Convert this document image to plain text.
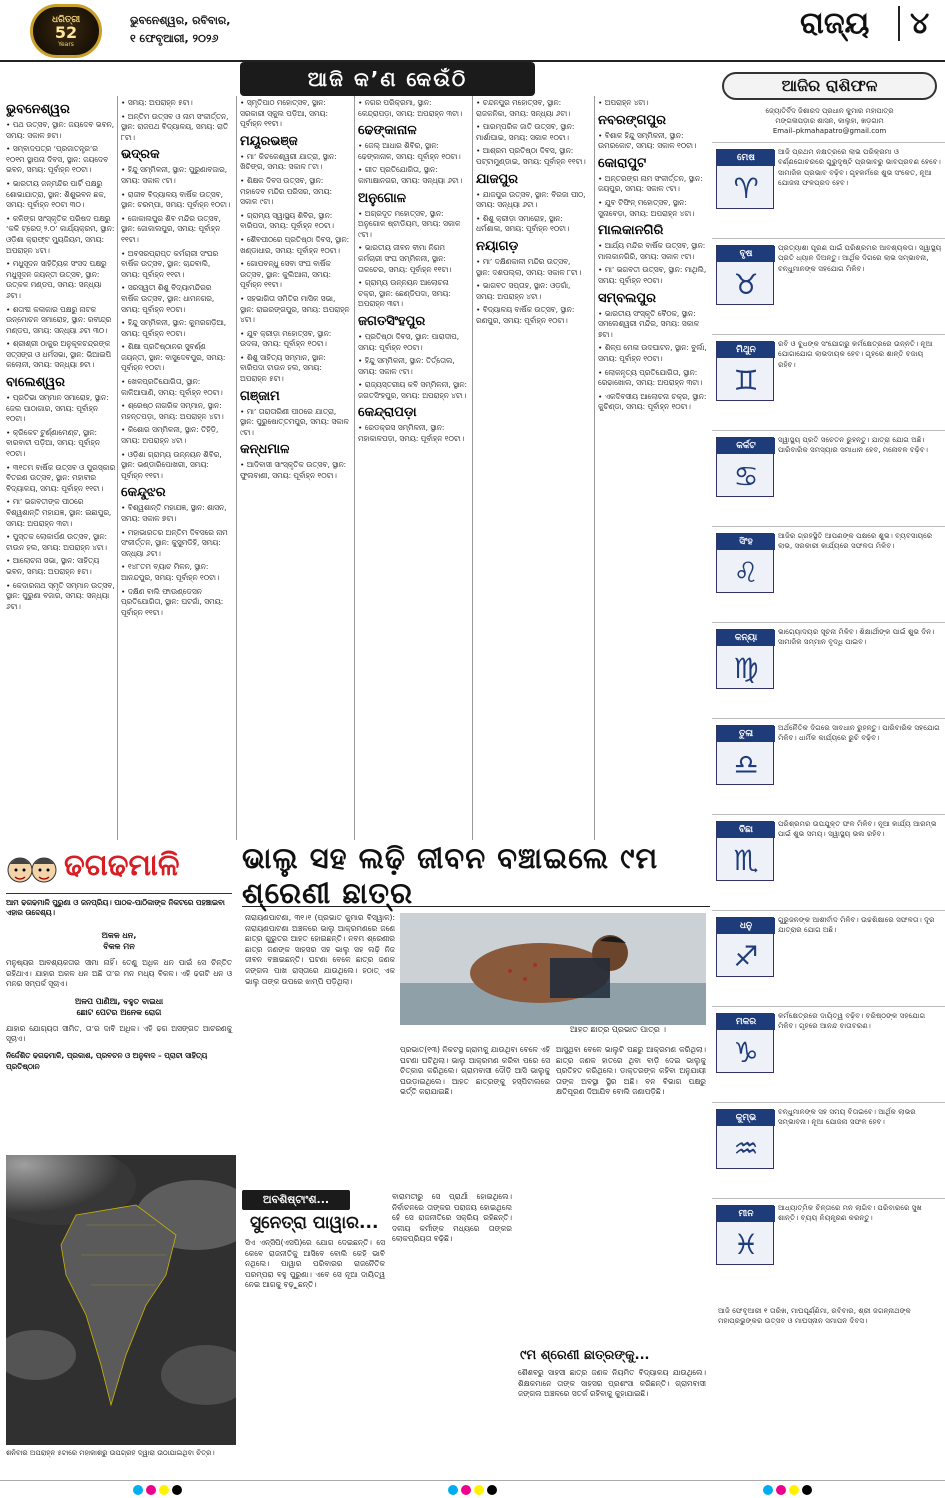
ଧରିତ୍ରୀ
52
Years
ଭୁବନେଶ୍ୱର, ରବିବାର,
୧ ଫେବୃଆରୀ, ୨୦୨୬	ରାଜ୍ୟ	୪
ଆଜି କ’ଣ କେଉଁଠି

ଭୁବନେଶ୍ୱର

• ପଥ ଉତ୍ସବ, ସ୍ଥାନ: ଜୟଦେବ ଭବନ, ସମୟ: ସକାଳ ୭ଟା।

• ସମ୍ବାଦପତ୍ର ‘ପ୍ରଜାତନ୍ତ୍ର’ର ୧୦୧ମ ସ୍ଥାପନା ଦିବସ, ସ୍ଥାନ: ଜୟଦେବ ଭବନ, ସମୟ: ପୂର୍ବାହ୍ନ ୧୦ଟା।

• ଭାରତୀୟ ଜନ୍ମନ୍ଦିର ପାର୍ଟି ପକ୍ଷରୁ ଶୋଭାଯାତ୍ରା, ସ୍ଥାନ: ଶିଶୁଭବନ ଛକ, ସମୟ: ପୂର୍ବାହ୍ନ ୧୦ଟା ୩୦।

• କଳିଙ୍ଗ ସାଂସ୍କୃତିକ ପରିଷଦ ପକ୍ଷରୁ ‘କଳି ଟ୍ରେଡ୍ ୨.୦’ କାର୍ଯ୍ୟକ୍ରମ, ସ୍ଥାନ: ଓଡ଼ିଶା କ୍ରାଫ୍ଟ ମ୍ୟୁଜିୟମ, ସମୟ: ଅପରାହ୍ନ ୪ଟା।

• ମଧୁସୂଦନ ସାହିତ୍ୟିକ ସଂସଦ ପକ୍ଷରୁ ମଧୁସୂଦନ ଜୟନ୍ତୀ ଉତ୍ସବ, ସ୍ଥାନ: ଉତ୍କଳ ମଣ୍ଡପ, ସମୟ: ସନ୍ଧ୍ୟା ୬ଟା।

• ଶତାବ୍ଦୀ କଳାକାର ପକ୍ଷରୁ ନାଟକ ଉନ୍ମୋଚନ ସମାରୋହ, ସ୍ଥାନ: ରବୀନ୍ଦ୍ର ମଣ୍ଡପ, ସମୟ: ସନ୍ଧ୍ୟା ୬ଟା ୩୦।

• ଶ୍ରୀଶ୍ରୀ ଠାକୁର ଅନୁକୂଳଚନ୍ଦ୍ରଙ୍କ ସତ୍ସଙ୍ଗ ଓ ଧର୍ମସଭା, ସ୍ଥାନ: ଭିଆଇପି କଲୋନୀ, ସମୟ: ସନ୍ଧ୍ୟା ୭ଟା।

ବାଲେଶ୍ୱର

• ପ୍ରତିଭା ସମ୍ମାନ ସମାରୋହ, ସ୍ଥାନ: ଜେଲ ପାଠାଗାର, ସମୟ: ପୂର୍ବାହ୍ନ ୧୦ଟା।

• କ୍ରିକେଟ ଟୁର୍ଣ୍ଣାମେଣ୍ଟ, ସ୍ଥାନ: ବାରବାଟୀ ପଡ଼ିଆ, ସମୟ: ପୂର୍ବାହ୍ନ ୧୦ଟା।

• ୩୧ତମ ବାର୍ଷିକ ଉତ୍ସବ ଓ ପୁରସ୍କାର ବିତରଣ ଉତ୍ସବ, ସ୍ଥାନ: ମହାବୀର ବିଦ୍ୟାଳୟ, ସମୟ: ପୂର୍ବାହ୍ନ ୧୧ଟା।

• ମା’ ଭଗବତୀଙ୍କ ପୀଠରେ ବିଶ୍ୱଶାନ୍ତି ମହାଯଜ୍ଞ, ସ୍ଥାନ: ଇଛାପୁର, ସମୟ: ଅପରାହ୍ନ ୩ଟା।

• ପୁସ୍ତକ ଲୋକାର୍ପଣ ଉତ୍ସବ, ସ୍ଥାନ: ଟାଉନ ହଲ, ସମୟ: ଅପରାହ୍ନ ୪ଟା।

• ଆଲୋଚନା ସଭା, ସ୍ଥାନ: ସାହିତ୍ୟ ଭବନ, ସମୟ: ଅପରାହ୍ନ ୫ଟା।

• କେଦାରନାଥ ସ୍ମୃତି ସମ୍ମାନ ଉତ୍ସବ, ସ୍ଥାନ: ପୁରୁଣା ବଜାର, ସମୟ: ସନ୍ଧ୍ୟା ୬ଟା।

• ସମୟ: ଅପରାହ୍ନ ୫ଟା।

• ଅନ୍ତିମ ଉତ୍ସବ ଓ ନାମ ସଂକୀର୍ତ୍ତନ, ସ୍ଥାନ: ରାଜପଥ ବିଦ୍ୟାଳୟ, ସମୟ: ରାତି ୮ଟା।

ଭଦ୍ରକ

• ହିନ୍ଦୁ ସମ୍ମିଳନୀ, ସ୍ଥାନ: ପୁରୁଣାବଜାର, ସମୟ: ସକାଳ ୯ଟା।

• ରାଜୀବ ବିଦ୍ୟାଳୟ ବାର୍ଷିକ ଉତ୍ସବ, ସ୍ଥାନ: ଚରମ୍ପା, ସମୟ: ପୂର୍ବାହ୍ନ ୧୦ଟା।

• ଜୋକାଲପୁର ଶିବ ମନ୍ଦିର ଉତ୍ସବ, ସ୍ଥାନ: ଜୋକାଲପୁର, ସମୟ: ପୂର୍ବାହ୍ନ ୧୧ଟା।

• ଅବସରପ୍ରାପ୍ତ କର୍ମଚାରୀ ସଂଘର ବାର୍ଷିକ ଉତ୍ସବ, ସ୍ଥାନ: ଚାନ୍ଦବାଲି, ସମୟ: ପୂର୍ବାହ୍ନ ୧୧ଟା।

• ସରସ୍ୱତୀ ଶିଶୁ ବିଦ୍ୟାମନ୍ଦିରର ବାର୍ଷିକ ଉତ୍ସବ, ସ୍ଥାନ: ଧାମନଗର, ସମୟ: ପୂର୍ବାହ୍ନ ୧୦ଟା।

• ହିନ୍ଦୁ ସମ୍ମିଳନୀ, ସ୍ଥାନ: କୁମରଗଡ଼ିଆ, ସମୟ: ପୂର୍ବାହ୍ନ ୧୦ଟା।

• ଶିକ୍ଷା ପ୍ରତିଷ୍ଠାନର ସୁବର୍ଣ୍ଣ ଜୟନ୍ତୀ, ସ୍ଥାନ: ବାସୁଦେବପୁର, ସମୟ: ପୂର୍ବାହ୍ନ ୧୦ଟା।

• ଖେଳପ୍ରତିଯୋଗିତା, ସ୍ଥାନ: କାଳିଆପାଣି, ସମୟ: ପୂର୍ବାହ୍ନ ୧୦ଟା।

• ଶ୍ରେଷ୍ଠ ନାଗରିକ ସମ୍ମାନ, ସ୍ଥାନ: ମହନ୍ତପଡ଼ା, ସମୟ: ଅପରାହ୍ନ ୪ଟା।

• କିଶୋର ସମ୍ମିଳନୀ, ସ୍ଥାନ: ତିହିଡ଼ି, ସମୟ: ଅପରାହ୍ନ ୪ଟା।

• ଓଡ଼ିଶା ଗ୍ରାମ୍ୟ ଉନ୍ନୟନ ଶିବିର, ସ୍ଥାନ: ଭଣ୍ଡାରିପୋଖରୀ, ସମୟ: ପୂର୍ବାହ୍ନ ୧୧ଟା।

କେନ୍ଦୁଝର

• ବିଶ୍ୱଶାନ୍ତି ମହାଯଜ୍ଞ, ସ୍ଥାନ: ଶାସନ, ସମୟ: ସକାଳ ୭ଟା।

• ମହାଭାରତର ଅନ୍ତିମ ଦିବସରେ ନାମ ସଂକୀର୍ତ୍ତନ, ସ୍ଥାନ: କୁସୁମଡିହି, ସମୟ: ସନ୍ଧ୍ୟା ୬ଟା।

• ୧୪୮ତମ ବ୍ୟାଚ ମିଳନ, ସ୍ଥାନ: ଆନନ୍ଦପୁର, ସମୟ: ପୂର୍ବାହ୍ନ ୧୦ଟା।

• ଦକ୍ଷିଣ ବାଲି ଫାଉଣ୍ଡେସନ ପ୍ରତିଯୋଗିତା, ସ୍ଥାନ: ଘଟଗାଁ, ସମୟ: ପୂର୍ବାହ୍ନ ୧୧ଟା।

• ସ୍ମୃତିପାଠ ମହୋତ୍ସବ, ସ୍ଥାନ: ସରକାରୀ ସ୍କୁଲ ପଡ଼ିଆ, ସମୟ: ପୂର୍ବାହ୍ନ ୧୧ଟା।

ମୟୂରଭଞ୍ଜ

• ମା’ କିଚକେଶ୍ୱରୀ ଯାତ୍ରା, ସ୍ଥାନ: ଖିଚିଙ୍ଗ, ସମୟ: ସକାଳ ୮ଟା।

• ଶିକ୍ଷକ ଦିବସ ଉତ୍ସବ, ସ୍ଥାନ: ମହାଦେବ ମନ୍ଦିର ପରିସର, ସମୟ: ସକାଳ ୯ଟା।

• ଗ୍ରାମ୍ୟ ସ୍ୱାସ୍ଥ୍ୟ ଶିବିର, ସ୍ଥାନ: ବାରିପଦା, ସମୟ: ପୂର୍ବାହ୍ନ ୧୦ଟା।

• ଶୈବପୀଠରେ ପ୍ରତିଷ୍ଠା ଦିବସ, ସ୍ଥାନ: ଖଣ୍ଡାଧାର, ସମୟ: ପୂର୍ବାହ୍ନ ୧୦ଟା।

• ଗୋପବନ୍ଧୁ ସେବା ସଂଘ ବାର୍ଷିକ ଉତ୍ସବ, ସ୍ଥାନ: କୁଲିଆନା, ସମୟ: ପୂର୍ବାହ୍ନ ୧୧ଟା।

• ସହଭାଗିତା ସମିତିର ମାସିକ ସଭା, ସ୍ଥାନ: ରାଇରଙ୍ଗପୁର, ସମୟ: ଅପରାହ୍ନ ୪ଟା।

• ଯୁବ କ୍ରୀଡ଼ା ମହୋତ୍ସବ, ସ୍ଥାନ: ଉଦଳା, ସମୟ: ପୂର୍ବାହ୍ନ ୧୦ଟା।

• ଶିଶୁ ସାହିତ୍ୟ ସମ୍ମାନ, ସ୍ଥାନ: ବାରିପଦା ଟାଉନ ହଲ, ସମୟ: ଅପରାହ୍ନ ୫ଟା।

ଗଞ୍ଜାମ

• ମା’ ତାରାତାରିଣୀ ପୀଠରେ ଯାତ୍ରା, ସ୍ଥାନ: ପୁରୁଷୋତ୍ତମପୁର, ସମୟ: ସକାଳ ୯ଟା।

କନ୍ଧମାଳ

• ଆଦିବାସୀ ସାଂସ୍କୃତିକ ଉତ୍ସବ, ସ୍ଥାନ: ଫୁଲବାଣୀ, ସମୟ: ପୂର୍ବାହ୍ନ ୧୦ଟା।

• ନଗର ପରିକ୍ରମା, ସ୍ଥାନ: କେନ୍ଦ୍ରାପଡ଼ା, ସମୟ: ଅପରାହ୍ନ ୩ଟା।

ଢେଙ୍କାନାଳ

• ଜେଲ୍ ଆଧାର ଶିବିର, ସ୍ଥାନ: ଢେଙ୍କାନାଳ, ସମୟ: ପୂର୍ବାହ୍ନ ୧୦ଟା।

• ଗୀତ ପ୍ରତିଯୋଗିତା, ସ୍ଥାନ: କାମାକ୍ଷାନଗର, ସମୟ: ସନ୍ଧ୍ୟା ୬ଟା।

ଅନୁଗୋଳ

• ଅଗ୍ରଦୂତ ମହୋତ୍ସବ, ସ୍ଥାନ: ଅନୁଗୋଳ ଷ୍ଟାଡିୟମ, ସମୟ: ସକାଳ ୯ଟା।

• ଭାରତୀୟ ଜୀବନ ବୀମା ନିଗମ କର୍ମଚାରୀ ସଂଘ ସମ୍ମିଳନୀ, ସ୍ଥାନ: ତାଳଚେର, ସମୟ: ପୂର୍ବାହ୍ନ ୧୧ଟା।

• ଗ୍ରାମ୍ୟ ଉନ୍ନୟନ ଆଲୋଚନା ଚକ୍ର, ସ୍ଥାନ: ଛେଣ୍ଡିପଦା, ସମୟ: ଅପରାହ୍ନ ୩ଟା।

ଜଗତସିଂହପୁର

• ପ୍ରତିଷ୍ଠା ଦିବସ, ସ୍ଥାନ: ପାରାଦୀପ, ସମୟ: ପୂର୍ବାହ୍ନ ୧୦ଟା।

• ହିନ୍ଦୁ ସମ୍ମିଳନୀ, ସ୍ଥାନ: ତିର୍ତ୍ତୋଲ, ସମୟ: ସକାଳ ୯ଟା।

• ରାଜ୍ୟସ୍ତରୀୟ କବି ସମ୍ମିଳନୀ, ସ୍ଥାନ: ଜଗତସିଂହପୁର, ସମୟ: ଅପରାହ୍ନ ୪ଟା।

କେନ୍ଦ୍ରାପଡ଼ା

• ରେଡକ୍ରସ ସମ୍ମିଳନୀ, ସ୍ଥାନ: ମହାକାଳପଡ଼ା, ସମୟ: ପୂର୍ବାହ୍ନ ୧୦ଟା।

• ଚନ୍ଦନପୁର ମହୋତ୍ସବ, ସ୍ଥାନ: ରାଜକନିକା, ସମୟ: ସନ୍ଧ୍ୟା ୬ଟା।

• ପାରମ୍ପରିକ ଜାତି ଉତ୍ସବ, ସ୍ଥାନ: ମାର୍ଶାଘାଇ, ସମୟ: ସକାଳ ୧୦ଟା।

• ଆଶ୍ରମ ପ୍ରତିଷ୍ଠା ଦିବସ, ସ୍ଥାନ: ପଟ୍ଟାମୁଣ୍ଡାଇ, ସମୟ: ପୂର୍ବାହ୍ନ ୧୧ଟା।

ଯାଜପୁର

• ଯାଜପୁର ଉତ୍ସବ, ସ୍ଥାନ: ବିରଜା ପୀଠ, ସମୟ: ସନ୍ଧ୍ୟା ୬ଟା।

• ଶିଶୁ କ୍ରୀଡ଼ା ସମାରୋହ, ସ୍ଥାନ: ଧର୍ମଶାଳା, ସମୟ: ପୂର୍ବାହ୍ନ ୧୦ଟା।

ନୟାଗଡ଼

• ମା’ ଦକ୍ଷିଣକାଳୀ ମନ୍ଦିର ଉତ୍ସବ, ସ୍ଥାନ: ଦଶପଲ୍ଲା, ସମୟ: ସକାଳ ୮ଟା।

• ଭାଗବତ ସପ୍ତାହ, ସ୍ଥାନ: ଓଡ଼ଗାଁ, ସମୟ: ଅପରାହ୍ନ ୪ଟା।

• ବିଦ୍ୟାଳୟ ବାର୍ଷିକ ଉତ୍ସବ, ସ୍ଥାନ: ରଣପୁର, ସମୟ: ପୂର୍ବାହ୍ନ ୧୦ଟା।

• ଅପରାହ୍ନ ୪ଟା।

ନବରଙ୍ଗପୁର

• ବିଶାଳ ହିନ୍ଦୁ ସମ୍ମିଳନୀ, ସ୍ଥାନ: ଉମରକୋଟ, ସମୟ: ସକାଳ ୧୦ଟା।

କୋରାପୁଟ

• ଅନ୍ତରଙ୍ଗ ନାମ ସଂକୀର୍ତ୍ତନ, ସ୍ଥାନ: ଜୟପୁର, ସମୟ: ସକାଳ ୯ଟା।

• ଯୁବ ଟିଫିନ୍‌ ମହୋତ୍ସବ, ସ୍ଥାନ: ସୁନାବେଡ଼ା, ସମୟ: ଅପରାହ୍ନ ୪ଟା।

ମାଲକାନଗିରି

• ଆର୍ଯ୍ୟ ମନ୍ଦିର ବାର୍ଷିକ ଉତ୍ସବ, ସ୍ଥାନ: ମାଲକାନଗିରି, ସମୟ: ସକାଳ ୯ଟା।

• ମା’ ଭଗବତୀ ଉତ୍ସବ, ସ୍ଥାନ: ମାଥିଲି, ସମୟ: ପୂର୍ବାହ୍ନ ୧୦ଟା।

ସମ୍ବଲପୁର

• ଭାରତୀୟ ସଂସ୍କୃତି ବୈଠକ, ସ୍ଥାନ: ସମଲେଶ୍ୱରୀ ମନ୍ଦିର, ସମୟ: ସକାଳ ୭ଟା।

• ଶିଳ୍ପ ମେଳା ଉଦଘାଟନ, ସ୍ଥାନ: ବୁର୍ଲା, ସମୟ: ପୂର୍ବାହ୍ନ ୧୦ଟା।

• ଲୋକନୃତ୍ୟ ପ୍ରତିଯୋଗିତା, ସ୍ଥାନ: ରେଢାଖୋଲ, ସମୟ: ଅପରାହ୍ନ ୩ଟା।

• ଏକଦିବସୀୟ ଆଲୋଚନା ଚକ୍ର, ସ୍ଥାନ: କୁଚିଣ୍ଡା, ସମୟ: ପୂର୍ବାହ୍ନ ୧୦ଟା।

ଆଜିର ରାଶିଫଳ
ଜ୍ୟୋତିର୍ବିଦ ଜିଶାରଦ ପ୍ରଧାନ କୁମାର ମହାପାତ୍ର
ମଙ୍ଗଳାପଡ଼ାର ଶାସନ, କାଲୁହା, ଖଡ଼ଗାମ
Email–pkmahapatro@gmail.com
ମେଷ
♈
ଆଜି ପ୍ରଥମ ନକ୍ଷତ୍ରରେ ଲାଭ ପରିକ୍ରମା ଓ ବର୍ଣ୍ଣଗୋଚରରେ ଗୁରୁଦୃଷ୍ଟି ପ୍ରଭାବରୁ ଭାବପ୍ରବଣ ହେବେ। ସାମାଜିକ ପ୍ରଭାବ ବଢ଼ିବ। ଗୃହକର୍ମରେ ଶୁଭ ସଂକେତ, ନୂଆ ଯୋଜନା ଫଳପ୍ରଦ ହେବ।
ବୃଷ
♉
ପ୍ରତ୍ୟାଶା ପୂରଣ ପାଇଁ ପରିଶ୍ରମର ଆବଶ୍ୟକତା। ସ୍ୱାସ୍ଥ୍ୟ ପ୍ରତି ଧ୍ୟାନ ଦିଅନ୍ତୁ। ଆର୍ଥିକ ଦିଗରେ ଲାଭ ସମ୍ଭାବନା, ବନ୍ଧୁମାନଙ୍କ ସହଯୋଗ ମିଳିବ।
ମିଥୁନ
♊
ରବି ଓ ବୁଧଙ୍କ ସଂଯୋଗରୁ କର୍ମକ୍ଷେତ୍ରରେ ଉନ୍ନତି। ନୂଆ ଯୋଗାଯୋଗ ଲାଭଦାୟକ ହେବ। ଗୃହରେ ଶାନ୍ତି ବଜାୟ ରହିବ।
କର୍କଟ
♋
ସ୍ୱାସ୍ଥ୍ୟ ପ୍ରତି ସଚେତନ ରୁହନ୍ତୁ। ଯାତ୍ରା ଯୋଗ ଅଛି। ପାରିବାରିକ ସମସ୍ୟାର ସମାଧାନ ହେବ, ମନୋବଳ ବଢ଼ିବ।
ସିଂହ
♌
ଆଜିର ଗ୍ରହସ୍ଥିତି ଆପଣଙ୍କ ପକ୍ଷରେ ଶୁଭ। ବ୍ୟବସାୟରେ ଲାଭ, ସରକାରୀ କାର୍ଯ୍ୟରେ ସଫଳତା ମିଳିବ।
କନ୍ୟା
♍
ଭାଗ୍ୟୋଦୟର ସୂଚନା ମିଳିବ। ଶିକ୍ଷାର୍ଥୀଙ୍କ ପାଇଁ ଶୁଭ ଦିନ। ସାମାଜିକ ସମ୍ମାନ ବୃଦ୍ଧି ପାଇବ।
ତୁଳା
♎
ଅର୍ଥନୈତିକ ଦିଗରେ ସାବଧାନ ରୁହନ୍ତୁ। ପାରିବାରିକ ସହଯୋଗ ମିଳିବ। ଧାର୍ମିକ କାର୍ଯ୍ୟରେ ରୁଚି ବଢ଼ିବ।
ବିଛା
♏
ପରିଶ୍ରମର ଉପଯୁକ୍ତ ଫଳ ମିଳିବ। ନୂଆ କାର୍ଯ୍ୟ ଆରମ୍ଭ ପାଇଁ ଶୁଭ ସମୟ। ସ୍ୱାସ୍ଥ୍ୟ ଭଲ ରହିବ।
ଧନୁ
♐
ଗୁରୁଜନଙ୍କ ଆଶୀର୍ବାଦ ମିଳିବ। ଉଚ୍ଚଶିକ୍ଷାରେ ସଫଳତା। ଦୂର ଯାତ୍ରାର ଯୋଗ ଅଛି।
ମକର
♑
କର୍ମକ୍ଷେତ୍ରରେ ଦାୟିତ୍ୱ ବଢ଼ିବ। ବରିଷ୍ଠଙ୍କ ସହଯୋଗ ମିଳିବ। ଗୃହରେ ଆନନ୍ଦ ବାତାବରଣ।
କୁମ୍ଭ
♒
ବନ୍ଧୁମାନଙ୍କ ସହ ସମୟ ବିତାଇବେ। ଆର୍ଥିକ ଲାଭର ସମ୍ଭାବନା। ନୂଆ ଯୋଜନା ସଫଳ ହେବ।
ମୀନ
♓
ଆଧ୍ୟାତ୍ମିକ ଚିନ୍ତାରେ ମନ ଲାଗିବ। ପରିବାରରେ ସୁଖ ଶାନ୍ତି। ବ୍ୟୟ ନିୟନ୍ତ୍ରଣ କରନ୍ତୁ।
ଆଜି ଫେବୃଆରୀ ୧ ତାରିଖ, ମାଘପୂର୍ଣ୍ଣିମା, ରବିବାର, ଶ୍ରୀ ଜଗନ୍ନାଥଙ୍କ ମହାପ୍ରଭୁଙ୍କର ଉତ୍ସବ ଓ ମାଘସ୍ନାନ ସମାପନ ଦିବସ।
ଢଗଢମାଳି
ଆମ ଢଗଢମାଳି ପୁରୁଣା ଓ ଜନପ୍ରିୟ। ପାଠକ-ପାଠିକାଙ୍କ ନିକଟରେ ପହଞ୍ଚାଇବା ଏହାର ଉଦ୍ଦେଶ୍ୟ।
ଅକଳ ଧନ,
ବିକଳ ମନ
ମନୁଷ୍ୟର ଆବଶ୍ୟକତାର ସୀମା ନାହିଁ। ତେଣୁ ଅଧିକ ଧନ ପାଇଁ ସେ ଚିନ୍ତିତ ରହିଥାଏ। ଯାହାର ଅକଳ ଧନ ଅଛି ତା’ର ମନ ମଧ୍ୟ ବିକଳ। ଏହି ଢଗଟି ଧନ ଓ ମନର ସମ୍ପର୍କ ସୂଚାଏ।
ଅଳପ ପାଣିଆ, ବହୁତ ବାଇଧା
ଛୋଟ ପେଟର ଅନେକ ରୋଗ
ଯାହାର ଯୋଗ୍ୟତା ସୀମିତ, ତା’ର ଦାବି ଅଧିକ। ଏହି ଢଗ ଅସଙ୍ଗତ ଆଚରଣକୁ ସୂଚାଏ।
ନିର୍ଦ୍ଦେଶିତ ଢଗଢମାଳି, ପ୍ରକାଶ, ପ୍ରବଚନ ଓ ଅନୁବାଦ – ପ୍ରାଚୀ ସାହିତ୍ୟ ପ୍ରତିଷ୍ଠାନ
ଶନିବାର ଅପରାହ୍ନ ୫ଟାରେ ମହାକାଶରୁ ଉପଗ୍ରହ ଦ୍ୱାରା ଉଠାଯାଇଥିବା ଚିତ୍ର।
ଭାଲୁ ସହ ଲଢ଼ି ଜୀବନ ବଞ୍ଚାଇଲେ ୯ମ ଶ୍ରେଣୀ ଛାତ୍ର
ନାରାୟଣପାଟଣା, ୩୧।୧ (ପ୍ରଭାତ କୁମାର ବିସ୍ୱାଳ): ନାରାୟଣପାଟଣା ଅଞ୍ଚଳରେ ଭାଲୁ ଆକ୍ରମଣରେ ଜଣେ ଛାତ୍ର ଗୁରୁତର ଆହତ ହୋଇଛନ୍ତି। ନବମ ଶ୍ରେଣୀର ଛାତ୍ର ଜଣଙ୍କ ସାହସର ସହ ଭାଲୁ ସହ ଲଢ଼ି ନିଜ ଜୀବନ ବଞ୍ଚାଇଛନ୍ତି। ଘଟଣା ବେଳେ ଛାତ୍ର ଜଣକ ଜଙ୍ଗଲ ପାଖ ରାସ୍ତାରେ ଯାଉଥିଲେ। ହଠାତ୍ ଏକ ଭାଲୁ ତାଙ୍କ ଉପରେ ଝାମ୍ପି ପଡ଼ିଥିଲା।
ଆହତ ଛାତ୍ର ପ୍ରଭାତ ପାତ୍ର ।
ପ୍ରଭାତ(୧୩) ନିକଟସ୍ଥ ଗ୍ରାମକୁ ଯାଉଥିବା ବେଳେ ଏହି ଘଟଣା ଘଟିଥିଲା। ଭାଲୁ ଆକ୍ରମଣ କରିବା ପରେ ସେ ଚିତ୍କାର କରିଥିଲେ। ଗ୍ରାମବାସୀ ଦୌଡ଼ି ଆସି ଭାଲୁକୁ ଘଉଡ଼ାଇଥିଲେ। ଆହତ ଛାତ୍ରଙ୍କୁ ହସ୍ପିଟାଲରେ ଭର୍ତ୍ତି କରାଯାଇଛି।
ଆସୁଥିବା ବେଳେ ଭାଲୁଟି ପଛରୁ ଆକ୍ରମଣ କରିଥିଲା। ଛାତ୍ର ଜଣକ ହାତରେ ଥିବା ବାଡ଼ି ଦେଇ ଭାଲୁକୁ ପ୍ରତିହତ କରିଥିଲେ। ଡାକ୍ତରଙ୍କ କହିବା ଅନୁଯାୟୀ ତାଙ୍କ ଅବସ୍ଥା ସ୍ଥିର ଅଛି। ବନ ବିଭାଗ ପକ୍ଷରୁ କ୍ଷତିପୂରଣ ଦିଆଯିବ ବୋଲି ଜଣାପଡ଼ିଛି।
ଅବଶିଷ୍ଟାଂଶ...
ସୁନେତ୍ରା ପାୱାର...
ସିଏ ଏନ୍‌ସିପି(ଏସପି)ରେ ଯୋଗ ଦେଇଛନ୍ତି। ସେ କେବେ ରାଜନୀତିକୁ ଆସିବେ ବୋଲି କେହି ଭାବି ନଥିଲେ। ପାୱାର ପରିବାରର ରାଜନୈତିକ ପରମ୍ପରା ବହୁ ପୁରୁଣା। ଏବେ ସେ ନୂଆ ଦାୟିତ୍ୱ ନେଇ ଆଗକୁ ବଢ଼ୁଛନ୍ତି।
ବାରାମତୀରୁ ସେ ପ୍ରାର୍ଥୀ ହୋଇଥିଲେ। ନିର୍ବାଚନରେ ତାଙ୍କର ପରାଜୟ ହୋଇଥିଲେ ହେଁ ସେ ରାଜନୀତିରେ ସକ୍ରିୟ ରହିଛନ୍ତି। ଦଳୀୟ କର୍ମୀଙ୍କ ମଧ୍ୟରେ ତାଙ୍କର ଲୋକପ୍ରିୟତା ବଢ଼ିଛି।
୯ମ ଶ୍ରେଣୀ ଛାତ୍ରଙ୍କୁ...
ଶୈଶବରୁ ସାହସୀ ଛାତ୍ର ଜଣକ ନିୟମିତ ବିଦ୍ୟାଳୟ ଯାଉଥିଲେ। ଶିକ୍ଷକମାନେ ତାଙ୍କ ସାହସର ପ୍ରଶଂସା କରିଛନ୍ତି। ଗ୍ରାମବାସୀ ଜଙ୍ଗଲ ଅଞ୍ଚଳରେ ସତର୍କ ରହିବାକୁ କୁହାଯାଇଛି।
